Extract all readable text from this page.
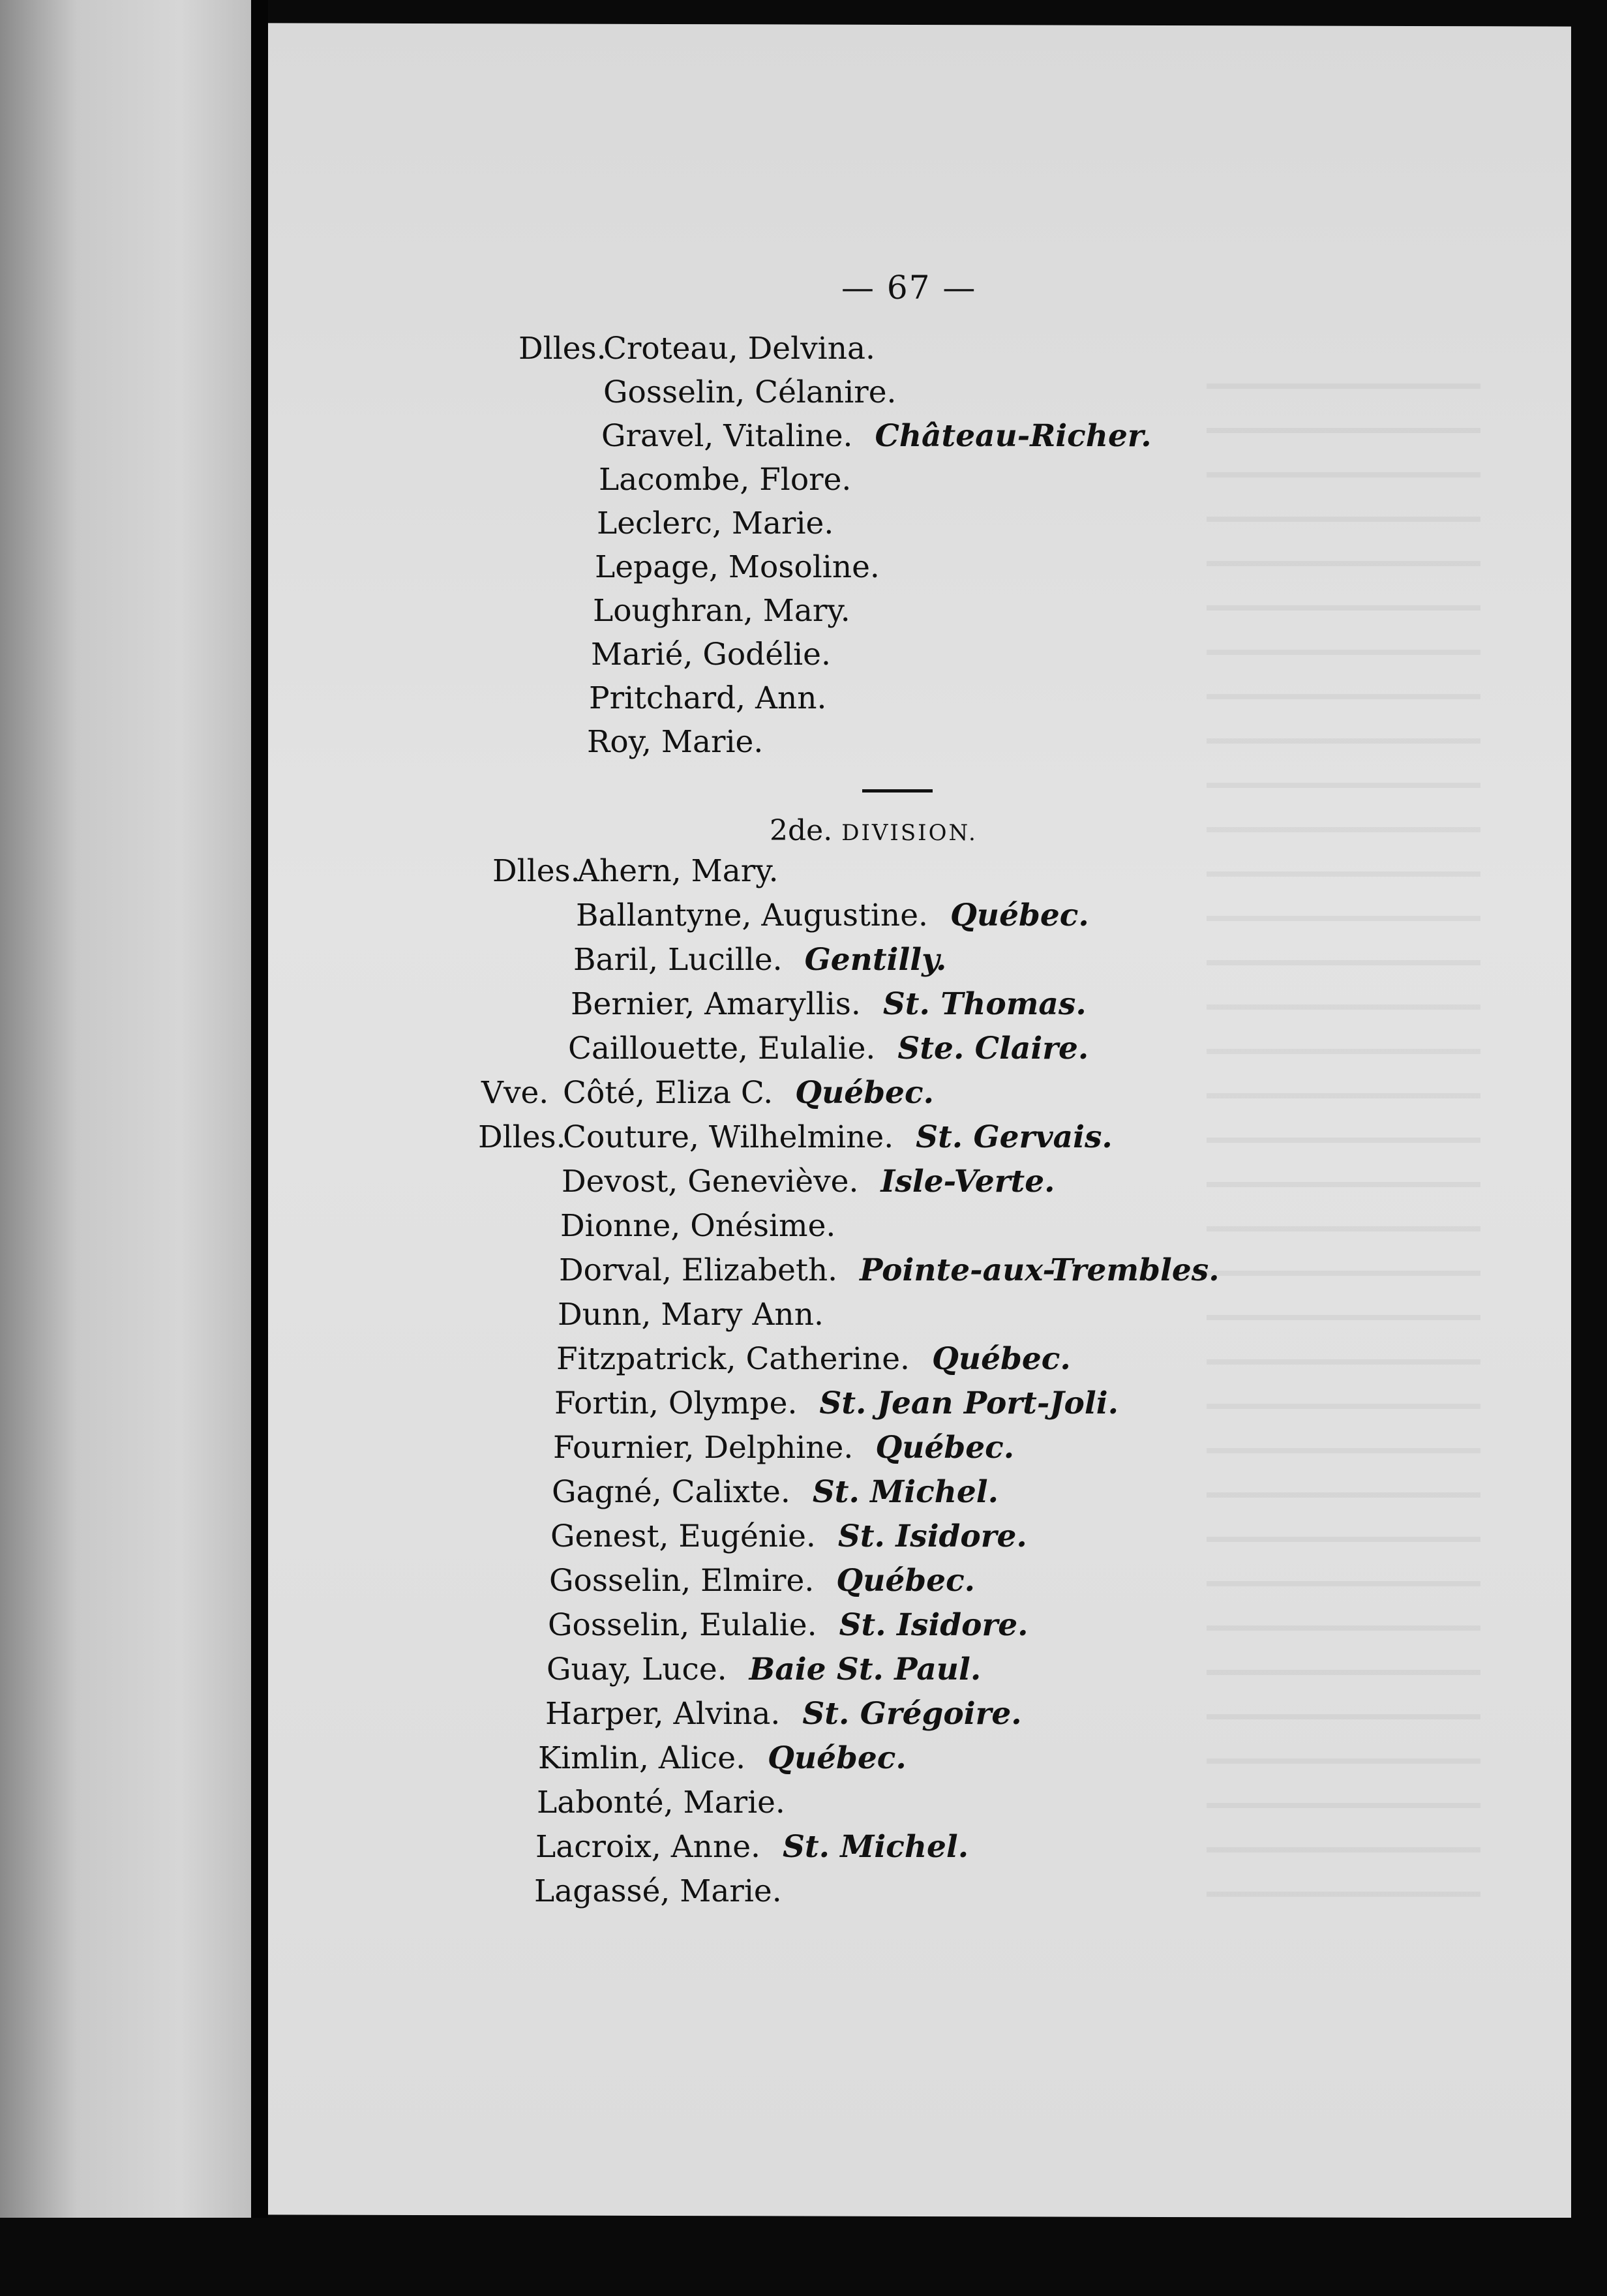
— 67 —
Dlles.Croteau, Delvina.
Gosselin, Célanire.
Gravel, Vitaline. Château-Richer.
Lacombe, Flore.
Leclerc, Marie.
Lepage, Mosoline.
Loughran, Mary.
Marié, Godélie.
Pritchard, Ann.
Roy, Marie.
2de. DIVISION.
Dlles.Ahern, Mary.
Ballantyne, Augustine. Québec.
Baril, Lucille. Gentilly.
Bernier, Amaryllis. St. Thomas.
Caillouette, Eulalie. Ste. Claire.
Vve. Côté, Eliza C. Québec.
Dlles.Couture, Wilhelmine. St. Gervais.
Devost, Geneviève. Isle-Verte.
Dionne, Onésime.
Dorval, Elizabeth. Pointe-aux-Trembles.
Dunn, Mary Ann.
Fitzpatrick, Catherine. Québec.
Fortin, Olympe. St. Jean Port-Joli.
Fournier, Delphine. Québec.
Gagné, Calixte. St. Michel.
Genest, Eugénie. St. Isidore.
Gosselin, Elmire. Québec.
Gosselin, Eulalie. St. Isidore.
Guay, Luce. Baie St. Paul.
Harper, Alvina. St. Grégoire.
Kimlin, Alice. Québec.
Labonté, Marie.
Lacroix, Anne. St. Michel.
Lagassé, Marie.
